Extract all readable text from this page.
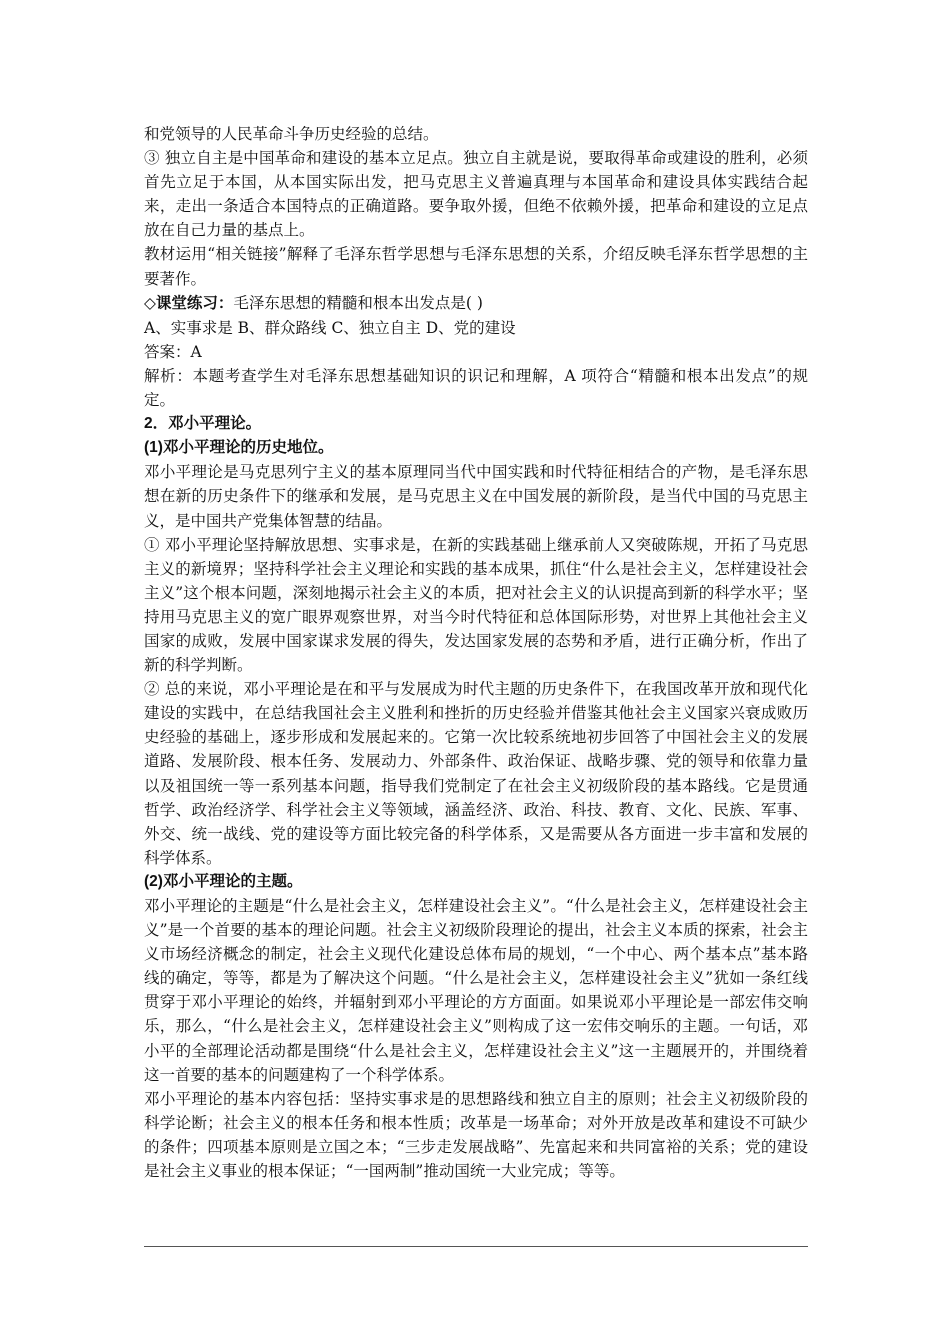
和党领导的人民革命斗争历史经验的总结。

③ 独立自主是中国革命和建设的基本立足点。独立自主就是说，要取得革命或建设的胜利，必须首先立足于本国，从本国实际出发，把马克思主义普遍真理与本国革命和建设具体实践结合起来，走出一条适合本国特点的正确道路。要争取外援，但绝不依赖外援，把革命和建设的立足点放在自己力量的基点上。

教材运用“相关链接”解释了毛泽东哲学思想与毛泽东思想的关系，介绍反映毛泽东哲学思想的主要著作。

◇课堂练习：毛泽东思想的精髓和根本出发点是( )

A、实事求是 B、群众路线 C、独立自主 D、党的建设

答案：A

解析：本题考查学生对毛泽东思想基础知识的识记和理解，A 项符合“精髓和根本出发点”的规定。

2．邓小平理论。

(1)邓小平理论的历史地位。

邓小平理论是马克思列宁主义的基本原理同当代中国实践和时代特征相结合的产物，是毛泽东思想在新的历史条件下的继承和发展，是马克思主义在中国发展的新阶段，是当代中国的马克思主义，是中国共产党集体智慧的结晶。

① 邓小平理论坚持解放思想、实事求是，在新的实践基础上继承前人又突破陈规，开拓了马克思主义的新境界；坚持科学社会主义理论和实践的基本成果，抓住“什么是社会主义，怎样建设社会主义”这个根本问题，深刻地揭示社会主义的本质，把对社会主义的认识提高到新的科学水平；坚持用马克思主义的宽广眼界观察世界，对当今时代特征和总体国际形势，对世界上其他社会主义国家的成败，发展中国家谋求发展的得失，发达国家发展的态势和矛盾，进行正确分析，作出了新的科学判断。

② 总的来说，邓小平理论是在和平与发展成为时代主题的历史条件下，在我国改革开放和现代化建设的实践中，在总结我国社会主义胜利和挫折的历史经验并借鉴其他社会主义国家兴衰成败历史经验的基础上，逐步形成和发展起来的。它第一次比较系统地初步回答了中国社会主义的发展道路、发展阶段、根本任务、发展动力、外部条件、政治保证、战略步骤、党的领导和依靠力量以及祖国统一等一系列基本问题，指导我们党制定了在社会主义初级阶段的基本路线。它是贯通哲学、政治经济学、科学社会主义等领域，涵盖经济、政治、科技、教育、文化、民族、军事、外交、统一战线、党的建设等方面比较完备的科学体系，又是需要从各方面进一步丰富和发展的科学体系。

(2)邓小平理论的主题。

邓小平理论的主题是“什么是社会主义，怎样建设社会主义”。“什么是社会主义，怎样建设社会主义”是一个首要的基本的理论问题。社会主义初级阶段理论的提出，社会主义本质的探索，社会主义市场经济概念的制定，社会主义现代化建设总体布局的规划，“一个中心、两个基本点”基本路线的确定，等等，都是为了解决这个问题。“什么是社会主义，怎样建设社会主义”犹如一条红线贯穿于邓小平理论的始终，并辐射到邓小平理论的方方面面。如果说邓小平理论是一部宏伟交响乐，那么，“什么是社会主义，怎样建设社会主义”则构成了这一宏伟交响乐的主题。一句话，邓小平的全部理论活动都是围绕“什么是社会主义，怎样建设社会主义”这一主题展开的，并围绕着这一首要的基本的问题建构了一个科学体系。

邓小平理论的基本内容包括：坚持实事求是的思想路线和独立自主的原则；社会主义初级阶段的科学论断；社会主义的根本任务和根本性质；改革是一场革命；对外开放是改革和建设不可缺少的条件；四项基本原则是立国之本；“三步走发展战略”、先富起来和共同富裕的关系；党的建设是社会主义事业的根本保证；“一国两制”推动国统一大业完成；等等。
